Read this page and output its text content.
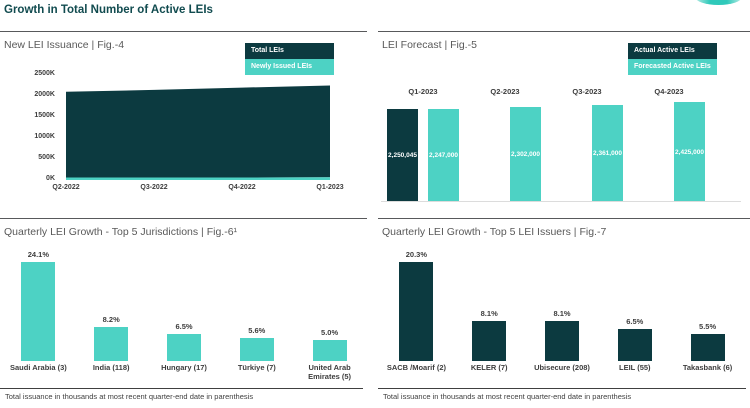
Growth in Total Number of Active LEIs
New LEI Issuance | Fig.-4	Total LEIs
Newly Issued LEIs
2500K
2000K
1500K
1000K
500K
0K
Q2-2022	Q3-2022	Q4-2022	Q1-2023
LEI Forecast | Fig.-5	Actual Active LEIs
Forecasted Active LEIs
Q1-2023
2,250,045 2,247,000
Q2-2023
2,302,000
Q3-2023
2,361,000
Q4-2023
2,425,000
Quarterly LEI Growth - Top 5 Jurisdictions | Fig.-6¹
24.1%
8.2%
6.5%	5.6%	5.0%
Saudi Arabia (3)	India (118)	Hungary (17)	Türkiye (7)	United Arab Emirates (5)
Total issuance in thousands at most recent quarter-end date in parenthesis
Quarterly LEI Growth - Top 5 LEI Issuers | Fig.-7
20.3%
8.1%	8.1%
6.5%
5.5%
SACB /Moarif (2)	KELER (7)	Ubisecure (208)	LEIL (55)	Takasbank (6)
Total issuance in thousands at most recent quarter-end date in parenthesis
